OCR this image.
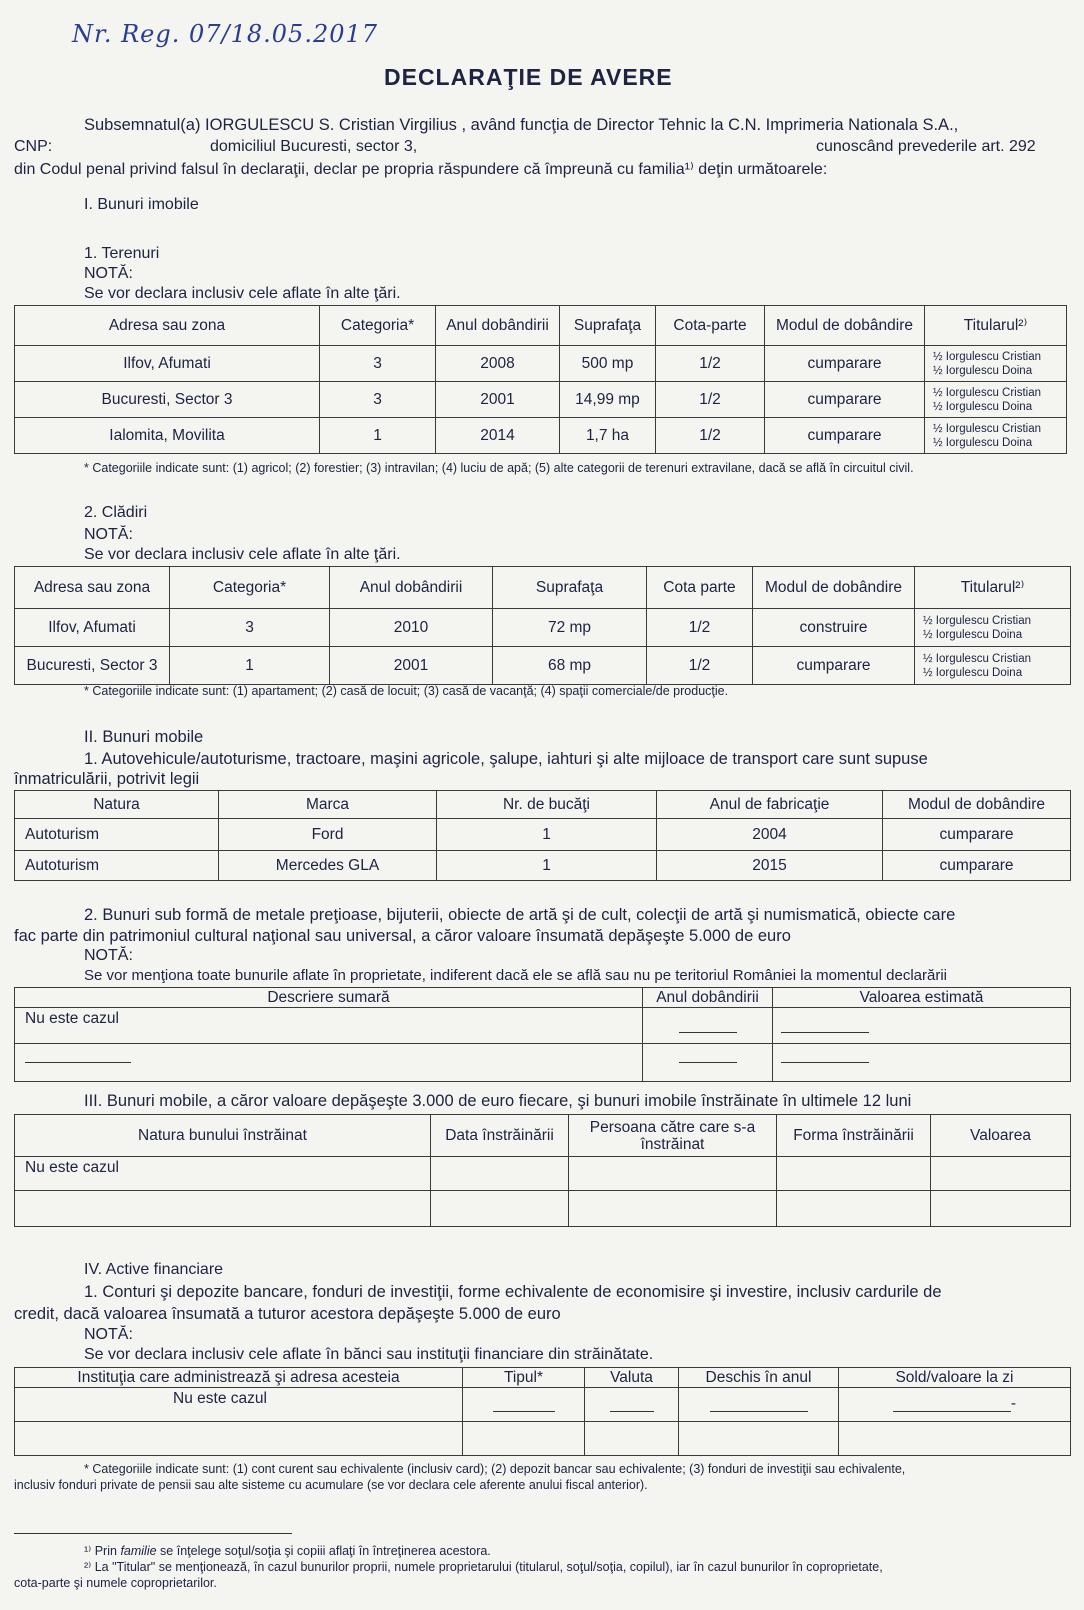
Nr. Reg. 07/18.05.2017
DECLARAŢIE DE AVERE
Subsemnatul(a) IORGULESCU S. Cristian Virgilius , având funcţia de Director Tehnic la C.N. Imprimeria Nationala S.A.,
CNP:	domiciliul Bucuresti, sector 3,	cunoscând prevederile art. 292
din Codul penal privind falsul în declaraţii, declar pe propria răspundere că împreună cu familia¹⁾ deţin următoarele:
I. Bunuri imobile
1. Terenuri
NOTĂ:
Se vor declara inclusiv cele aflate în alte ţări.
Adresa sau zona	Categoria*	Anul dobândirii	Suprafaţa	Cota-parte	Modul de dobândire	Titularul²⁾
Ilfov, Afumati	3	2008	500 mp	1/2	cumparare	½ Iorgulescu Cristian
½ Iorgulescu Doina

Bucuresti, Sector 3	3	2001	14,99 mp	1/2	cumparare	½ Iorgulescu Cristian
½ Iorgulescu Doina

Ialomita, Movilita	1	2014	1,7 ha	1/2	cumparare	½ Iorgulescu Cristian
½ Iorgulescu Doina
* Categoriile indicate sunt: (1) agricol; (2) forestier; (3) intravilan; (4) luciu de apă; (5) alte categorii de terenuri extravilane, dacă se află în circuitul civil.
2. Clădiri
NOTĂ:
Se vor declara inclusiv cele aflate în alte ţări.
Adresa sau zona	Categoria*	Anul dobândirii	Suprafaţa	Cota parte	Modul de dobândire	Titularul²⁾
Ilfov, Afumati	3	2010	72 mp	1/2	construire	½ Iorgulescu Cristian
½ Iorgulescu Doina

Bucuresti, Sector 3	1	2001	68 mp	1/2	cumparare	½ Iorgulescu Cristian
½ Iorgulescu Doina
* Categoriile indicate sunt: (1) apartament; (2) casă de locuit; (3) casă de vacanţă; (4) spaţii comerciale/de producţie.
II. Bunuri mobile
1. Autovehicule/autoturisme, tractoare, maşini agricole, şalupe, iahturi şi alte mijloace de transport care sunt supuse
înmatriculării, potrivit legii
Natura	Marca	Nr. de bucăţi	Anul de fabricaţie	Modul de dobândire
Autoturism	Ford	1	2004	cumparare
Autoturism	Mercedes GLA	1	2015	cumparare
2. Bunuri sub formă de metale preţioase, bijuterii, obiecte de artă şi de cult, colecţii de artă şi numismatică, obiecte care
fac parte din patrimoniul cultural naţional sau universal, a căror valoare însumată depăşeşte 5.000 de euro
NOTĂ:
Se vor menţiona toate bunurile aflate în proprietate, indiferent dacă ele se află sau nu pe teritoriul României la momentul declarării
Descriere sumară	Anul dobândirii	Valoarea estimată
Nu este cazul		

III. Bunuri mobile, a căror valoare depăşeşte 3.000 de euro fiecare, şi bunuri imobile înstrăinate în ultimele 12 luni
Natura bunului înstrăinat	Data înstrăinării	Persoana către care s-a înstrăinat	Forma înstrăinării	Valoarea
Nu este cazul				

IV. Active financiare
1. Conturi şi depozite bancare, fonduri de investiţii, forme echivalente de economisire şi investire, inclusiv cardurile de
credit, dacă valoarea însumată a tuturor acestora depăşeşte 5.000 de euro
NOTĂ:
Se vor declara inclusiv cele aflate în bănci sau instituţii financiare din străinătate.
Instituţia care administrează şi adresa acesteia	Tipul*	Valuta	Deschis în anul	Sold/valoare la zi
Nu este cazul				-

* Categoriile indicate sunt: (1) cont curent sau echivalente (inclusiv card); (2) depozit bancar sau echivalente; (3) fonduri de investiţii sau echivalente,
inclusiv fonduri private de pensii sau alte sisteme cu acumulare (se vor declara cele aferente anului fiscal anterior).
¹⁾ Prin familie se înţelege soţul/soţia şi copiii aflaţi în întreţinerea acestora.
²⁾ La "Titular" se menţionează, în cazul bunurilor proprii, numele proprietarului (titularul, soţul/soţia, copilul), iar în cazul bunurilor în coproprietate,
cota-parte şi numele coproprietarilor.
